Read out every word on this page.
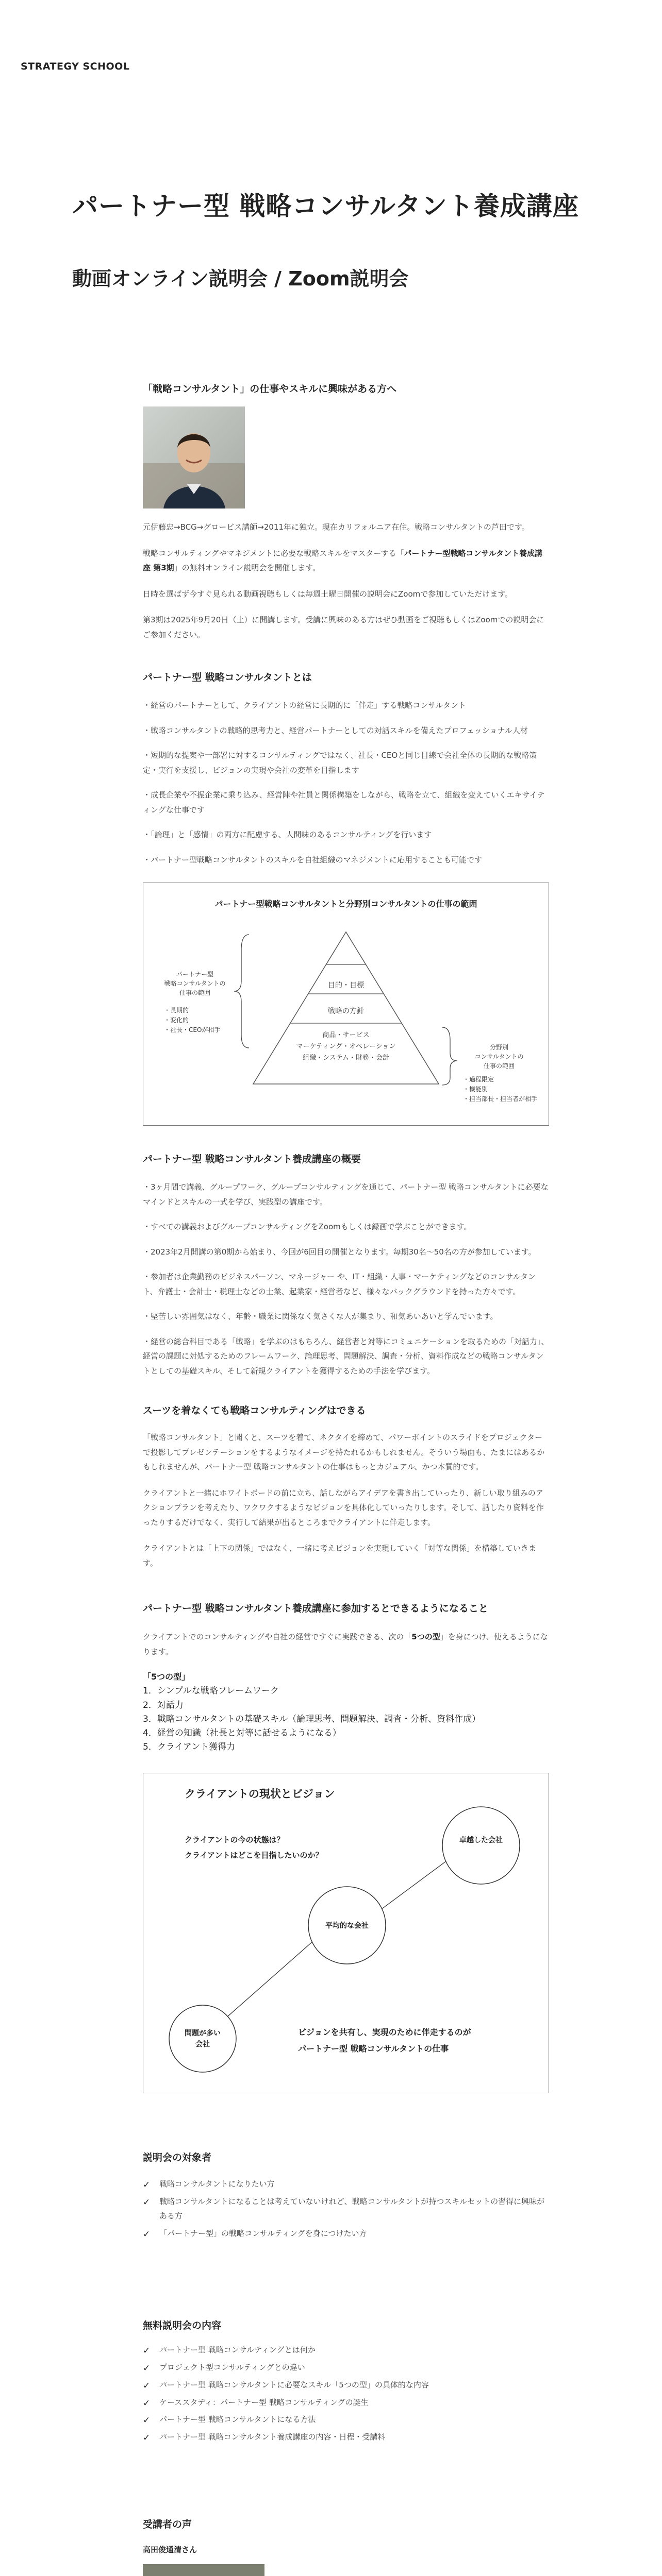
STRATEGY SCHOOL
パートナー型 戦略コンサルタント養成講座
動画オンライン説明会 / Zoom説明会
「戦略コンサルタント」の仕事やスキルに興味がある方へ

元伊藤忠→BCG→グロービス講師→2011年に独立。現在カリフォルニア在住。戦略コンサルタントの芦田です。

戦略コンサルティングやマネジメントに必要な戦略スキルをマスターする「パートナー型戦略コンサルタント養成講座 第3期」の無料オンライン説明会を開催します。

日時を選ばず今すぐ見られる動画視聴もしくは毎週土曜日開催の説明会にZoomで参加していただけます。

第3期は2025年9月20日（土）に開講します。受講に興味のある方はぜひ動画をご視聴もしくはZoomでの説明会にご参加ください。

パートナー型 戦略コンサルタントとは

・経営のパートナーとして、クライアントの経営に長期的に「伴走」する戦略コンサルタント

・戦略コンサルタントの戦略的思考力と、経営パートナーとしての対話スキルを備えたプロフェッショナル人材

・短期的な提案や一部署に対するコンサルティングではなく、社長・CEOと同じ目線で会社全体の長期的な戦略策定・実行を支援し、ビジョンの実現や会社の変革を目指します

・成長企業や不振企業に乗り込み、経営陣や社員と関係構築をしながら、戦略を立て、組織を変えていくエキサイティングな仕事です

・「論理」と「感情」の両方に配慮する、人間味のあるコンサルティングを行います

・パートナー型戦略コンサルタントのスキルを自社組織のマネジメントに応用することも可能です

パートナー型戦略コンサルタントと分野別コンサルタントの仕事の範囲
目的・目標
戦略の方針
商品・サービス
マーケティング・オペレーション
組織・システム・財務・会計
パートナー型
戦略コンサルタントの
仕事の範囲
・長期的
・変化的
・社長・CEOが相手
分野別
コンサルタントの
仕事の範囲
・過程限定
・機能別
・担当部長・担当者が相手
パートナー型 戦略コンサルタント養成講座の概要

・3ヶ月間で講義、グループワーク、グループコンサルティングを通じて、パートナー型 戦略コンサルタントに必要なマインドとスキルの一式を学び、実践型の講座です。

・すべての講義およびグループコンサルティングをZoomもしくは録画で学ぶことができます。

・2023年2月開講の第0期から始まり、今回が6回目の開催となります。毎期30名〜50名の方が参加しています。

・参加者は企業勤務のビジネスパーソン、マネージャー や、IT・組織・人事・マーケティングなどのコンサルタント、弁護士・会計士・税理士などの士業、起業家・経営者など、様々なバックグラウンドを持った方々です。

・堅苦しい雰囲気はなく、年齢・職業に関係なく気さくな人が集まり、和気あいあいと学んでいます。

・経営の総合科目である「戦略」を学ぶのはもちろん、経営者と対等にコミュニケーションを取るための「対話力」、経営の課題に対処するためのフレームワーク、論理思考、問題解決、調査・分析、資料作成などの戦略コンサルタントとしての基礎スキル、そして新規クライアントを獲得するための手法を学びます。

スーツを着なくても戦略コンサルティングはできる

「戦略コンサルタント」と聞くと、スーツを着て、ネクタイを締めて、パワーポイントのスライドをプロジェクターで投影してプレゼンテーションをするようなイメージを持たれるかもしれません。そういう場面も、たまにはあるかもしれませんが、パートナー型 戦略コンサルタントの仕事はもっとカジュアル、かつ本質的です。

クライアントと一緒にホワイトボードの前に立ち、話しながらアイデアを書き出していったり、新しい取り組みのアクションプランを考えたり、ワクワクするようなビジョンを具体化していったりします。そして、話したり資料を作ったりするだけでなく、実行して結果が出るところまでクライアントに伴走します。

クライアントとは「上下の関係」ではなく、一緒に考えビジョンを実現していく「対等な関係」を構築していきます。

パートナー型 戦略コンサルタント養成講座に参加するとできるようになること

クライアントでのコンサルティングや自社の経営ですぐに実践できる、次の「5つの型」を身につけ、使えるようになります。

「5つの型」
1．シンプルな戦略フレームワーク
2．対話力
3．戦略コンサルタントの基礎スキル（論理思考、問題解決、調査・分析、資料作成）
4．経営の知識（社長と対等に話せるようになる）
5．クライアント獲得力
クライアントの現状とビジョン
クライアントの今の状態は？
クライアントはどこを目指したいのか？
卓越した会社
平均的な会社
問題が多い会社
ビジョンを共有し、実現のために伴走するのが
パートナー型 戦略コンサルタントの仕事
説明会の対象者
✓ 戦略コンサルタントになりたい方
✓ 戦略コンサルタントになることは考えていないけれど、戦略コンサルタントが持つスキルセットの習得に興味がある方
✓ 「パートナー型」の戦略コンサルティングを身につけたい方
無料説明会の内容
✓ パートナー型 戦略コンサルティングとは何か
✓ プロジェクト型コンサルティングとの違い
✓ パートナー型 戦略コンサルタントに必要なスキル「5つの型」の具体的な内容
✓ ケーススタディ：パートナー型 戦略コンサルティングの誕生
✓ パートナー型 戦略コンサルタントになる方法
✓ パートナー型 戦略コンサルタント養成講座の内容・日程・受講料
受講者の声
高田俊通清さん
